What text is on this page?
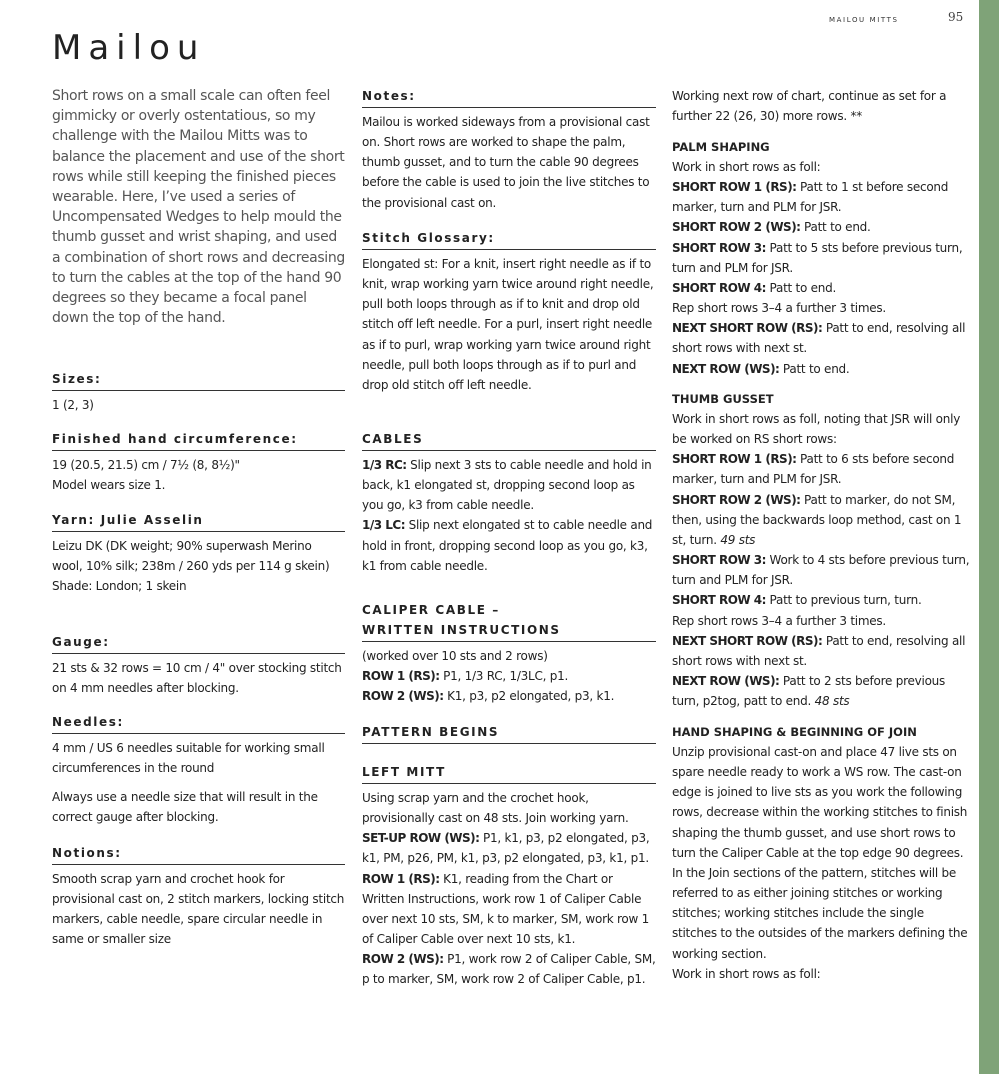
MAILOU MITTS	95
Mailou

Short rows on a small scale can often feel gimmicky or overly ostentatious, so my challenge with the Mailou Mitts was to balance the placement and use of the short rows while still keeping the finished pieces wearable. Here, I’ve used a series of Uncompensated Wedges to help mould the thumb gusset and wrist shaping, and used a combination of short rows and decreasing to turn the cables at the top of the hand 90 degrees so they became a focal panel down the top of the hand.

Sizes:

1 (2, 3)

Finished hand circumference:

19 (20.5, 21.5) cm / 7½ (8, 8½)"

Model wears size 1.

Yarn: Julie Asselin

Leizu DK (DK weight; 90% superwash Merino wool, 10% silk; 238m / 260 yds per 114 g skein)

Shade: London; 1 skein

Gauge:

21 sts & 32 rows = 10 cm / 4" over stocking stitch on 4 mm needles after blocking.

Needles:

4 mm / US 6 needles suitable for working small circumferences in the round

Always use a needle size that will result in the correct gauge after blocking.

Notions:

Smooth scrap yarn and crochet hook for provisional cast on, 2 stitch markers, locking stitch markers, cable needle, spare circular needle in same or smaller size

Notes:

Mailou is worked sideways from a provisional cast on. Short rows are worked to shape the palm, thumb gusset, and to turn the cable 90 degrees before the cable is used to join the live stitches to the provisional cast on.

Stitch Glossary:

Elongated st: For a knit, insert right needle as if to knit, wrap working yarn twice around right needle, pull both loops through as if to knit and drop old stitch off left needle. For a purl, insert right needle as if to purl, wrap working yarn twice around right needle, pull both loops through as if to purl and drop old stitch off left needle.

CABLES

1/3 RC: Slip next 3 sts to cable needle and hold in back, k1 elongated st, dropping second loop as you go, k3 from cable needle.

1/3 LC: Slip next elongated st to cable needle and hold in front, dropping second loop as you go, k3, k1 from cable needle.

CALIPER CABLE –

WRITTEN INSTRUCTIONS

(worked over 10 sts and 2 rows)

ROW 1 (RS): P1, 1/3 RC, 1/3LC, p1.

ROW 2 (WS): K1, p3, p2 elongated, p3, k1.

PATTERN BEGINS

LEFT MITT

Using scrap yarn and the crochet hook, provisionally cast on 48 sts. Join working yarn.

SET-UP ROW (WS): P1, k1, p3, p2 elongated, p3, k1, PM, p26, PM, k1, p3, p2 elongated, p3, k1, p1.

ROW 1 (RS): K1, reading from the Chart or Written Instructions, work row 1 of Caliper Cable over next 10 sts, SM, k to marker, SM, work row 1 of Caliper Cable over next 10 sts, k1.

ROW 2 (WS): P1, work row 2 of Caliper Cable, SM, p to marker, SM, work row 2 of Caliper Cable, p1.

Working next row of chart, continue as set for a further 22 (26, 30) more rows. **

PALM SHAPING

Work in short rows as foll:

SHORT ROW 1 (RS): Patt to 1 st before second marker, turn and PLM for JSR.

SHORT ROW 2 (WS): Patt to end.

SHORT ROW 3: Patt to 5 sts before previous turn, turn and PLM for JSR.

SHORT ROW 4: Patt to end.

Rep short rows 3–4 a further 3 times.

NEXT SHORT ROW (RS): Patt to end, resolving all short rows with next st.

NEXT ROW (WS): Patt to end.

THUMB GUSSET

Work in short rows as foll, noting that JSR will only be worked on RS short rows:

SHORT ROW 1 (RS): Patt to 6 sts before second marker, turn and PLM for JSR.

SHORT ROW 2 (WS): Patt to marker, do not SM, then, using the backwards loop method, cast on 1 st, turn. 49 sts

SHORT ROW 3: Work to 4 sts before previous turn, turn and PLM for JSR.

SHORT ROW 4: Patt to previous turn, turn.

Rep short rows 3–4 a further 3 times.

NEXT SHORT ROW (RS): Patt to end, resolving all short rows with next st.

NEXT ROW (WS): Patt to 2 sts before previous turn, p2tog, patt to end. 48 sts

HAND SHAPING & BEGINNING OF JOIN

Unzip provisional cast-on and place 47 live sts on spare needle ready to work a WS row. The cast-on edge is joined to live sts as you work the following rows, decrease within the working stitches to finish shaping the thumb gusset, and use short rows to turn the Caliper Cable at the top edge 90 degrees. In the Join sections of the pattern, stitches will be referred to as either joining stitches or working stitches; working stitches include the single stitches to the outsides of the markers defining the working section.

Work in short rows as foll:
